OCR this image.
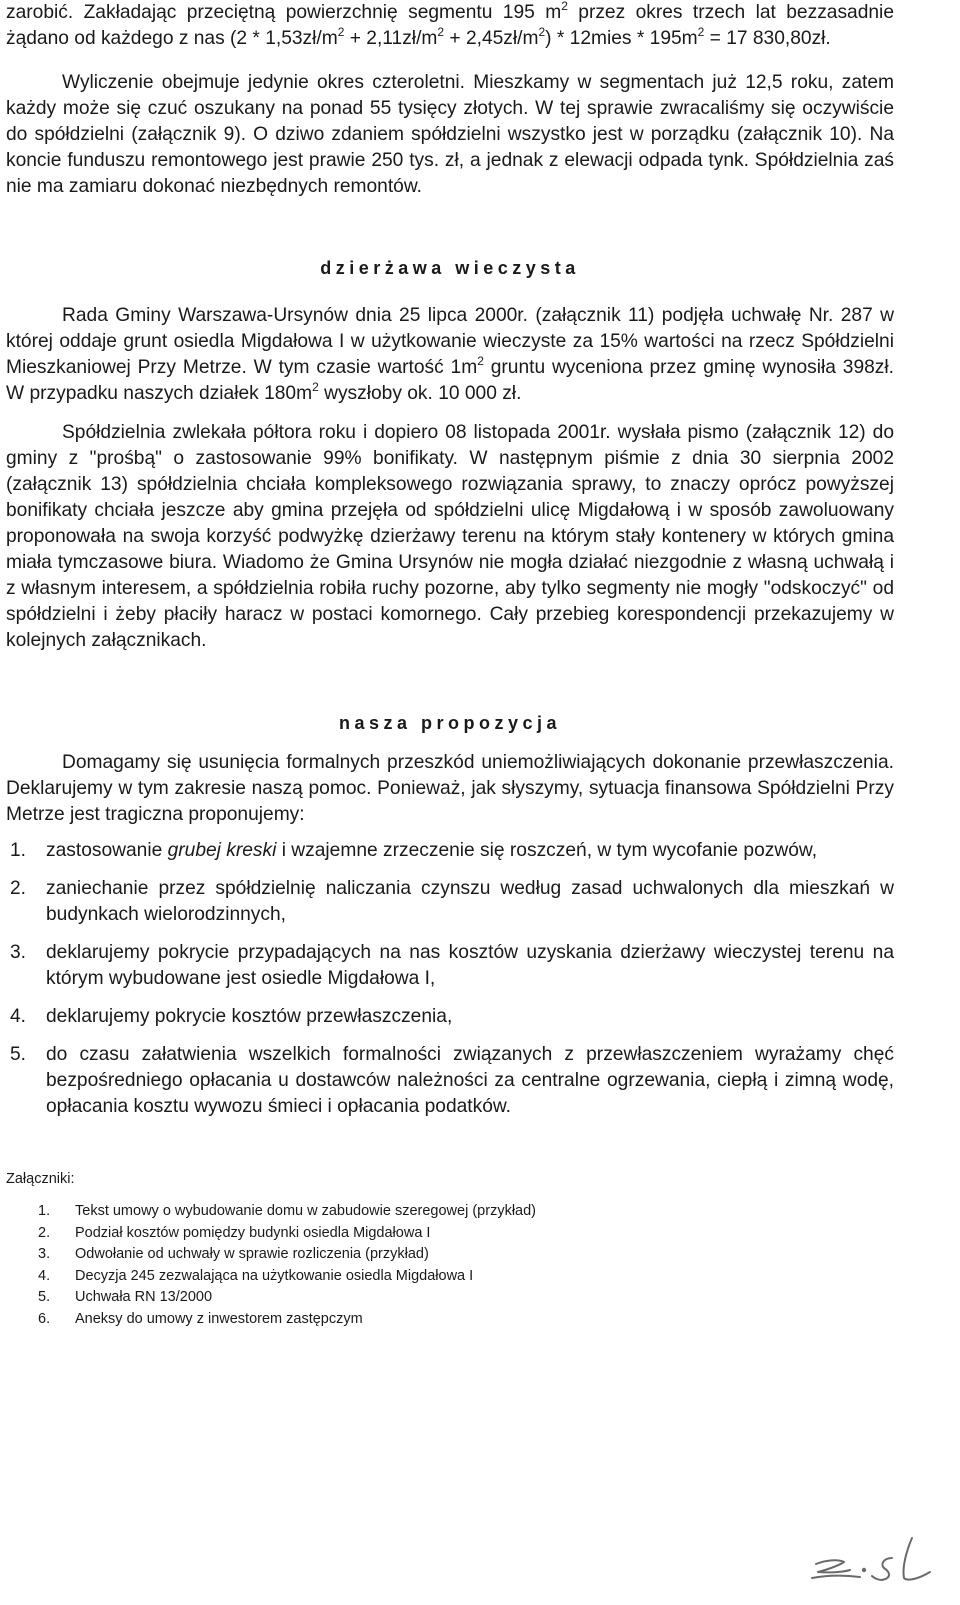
zarobić. Zakładając przeciętną powierzchnię segmentu 195 $m^2$ przez okres trzech lat bezzasadnie żądano od każdego z nas ($2 * 1,53zł/m^2$ + $2,11zł/m^2$ + $2,45zł/m^2$) * 12mies * $195m^2 = 17$ 830,80zł.

Wyliczenie obejmuje jedynie okres czteroletni. Mieszkamy w segmentach już 12,5 roku, zatem każdy może się czuć oszukany na ponad 55 tysięcy złotych. W tej sprawie zwracaliśmy się oczywiście do spółdzielni (załącznik 9). O dziwo zdaniem spółdzielni wszystko jest w porządku (załącznik 10). Na koncie funduszu remontowego jest prawie 250 tys. zł, a jednak z elewacji odpada tynk. Spółdzielnia zaś nie ma zamiaru dokonać niezbędnych remontów.

dzierżawa wieczysta

Rada Gminy Warszawa-Ursynów dnia 25 lipca 2000r. (załącznik 11) podjęła uchwałę Nr. 287 w której oddaje grunt osiedla Migdałowa I w użytkowanie wieczyste za 15% wartości na rzecz Spółdzielni Mieszkaniowej Przy Metrze. W tym czasie wartość $1m^2$ gruntu wyceniona przez gminę wynosiła 398zł. W przypadku naszych działek $180m^2$ wyszłoby ok. 10 000 zł.

Spółdzielnia zwlekała półtora roku i dopiero 08 listopada 2001r. wysłała pismo (załącznik 12) do gminy z "prośbą" o zastosowanie 99% bonifikaty. W następnym piśmie z dnia 30 sierpnia 2002 (załącznik 13) spółdzielnia chciała kompleksowego rozwiązania sprawy, to znaczy oprócz powyższej bonifikaty chciała jeszcze aby gmina przejęła od spółdzielni ulicę Migdałową i w sposób zawoluowany proponowała na swoja korzyść podwyżkę dzierżawy terenu na którym stały kontenery w których gmina miała tymczasowe biura. Wiadomo że Gmina Ursynów nie mogła działać niezgodnie z własną uchwałą i z własnym interesem, a spółdzielnia robiła ruchy pozorne, aby tylko segmenty nie mogły "odskoczyć" od spółdzielni i żeby płaciły haracz w postaci komornego. Cały przebieg korespondencji przekazujemy w kolejnych załącznikach.

nasza propozycja

Domagamy się usunięcia formalnych przeszkód uniemożliwiających dokonanie przewłaszczenia. Deklarujemy w tym zakresie naszą pomoc. Ponieważ, jak słyszymy, sytuacja finansowa Spółdzielni Przy Metrze jest tragiczna proponujemy:

1. zastosowanie grubej kreski i wzajemne zrzeczenie się roszczeń, w tym wycofanie pozwów,
2. zaniechanie przez spółdzielnię naliczania czynszu według zasad uchwalonych dla mieszkań w budynkach wielorodzinnych,
3. deklarujemy pokrycie przypadających na nas kosztów uzyskania dzierżawy wieczystej terenu na którym wybudowane jest osiedle Migdałowa I,
4. deklarujemy pokrycie kosztów przewłaszczenia,
5. do czasu załatwienia wszelkich formalności związanych z przewłaszczeniem wyrażamy chęć bezpośredniego opłacania u dostawców należności za centralne ogrzewania, ciepłą i zimną wodę, opłacania kosztu wywozu śmieci i opłacania podatków.

Załączniki:

1. Tekst umowy o wybudowanie domu w zabudowie szeregowej (przykład)
2. Podział kosztów pomiędzy budynki osiedla Migdałowa I
3. Odwołanie od uchwały w sprawie rozliczenia (przykład)
4. Decyzja 245 zezwalająca na użytkowanie osiedla Migdałowa I
5. Uchwała RN 13/2000
6. Aneksy do umowy z inwestorem zastępczym
